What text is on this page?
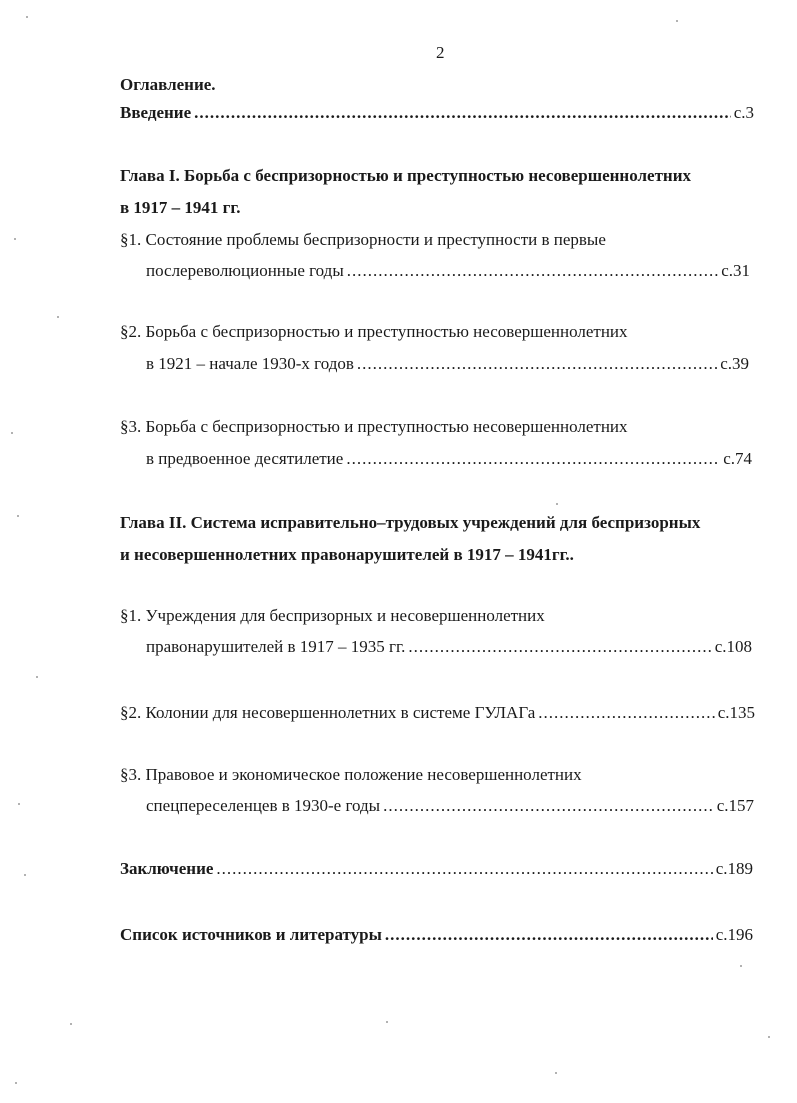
2
Оглавление.
Введение .....	с.3
Глава I. Борьба с беспризорностью и преступностью несовершеннолетних
в 1917 – 1941 гг.
§1. Состояние проблемы беспризорности и преступности в первые
послереволюционные годы .....	с.31
§2. Борьба с беспризорностью и преступностью несовершеннолетних
в 1921 – начале 1930-х годов .....	с.39
§3. Борьба с беспризорностью и преступностью несовершеннолетних
в предвоенное десятилетие .....	с.74
Глава II. Система исправительно–трудовых учреждений для беспризорных
и несовершеннолетних правонарушителей в 1917 – 1941гг..
§1. Учреждения для беспризорных и несовершеннолетних
правонарушителей в 1917 – 1935 гг. .....	с.108
§2. Колонии для несовершеннолетних в системе ГУЛАГа .....	с.135
§3. Правовое и экономическое положение несовершеннолетних
спецпереселенцев в 1930-е годы .....	с.157
Заключение .....	с.189
Список источников и литературы .....	с.196
